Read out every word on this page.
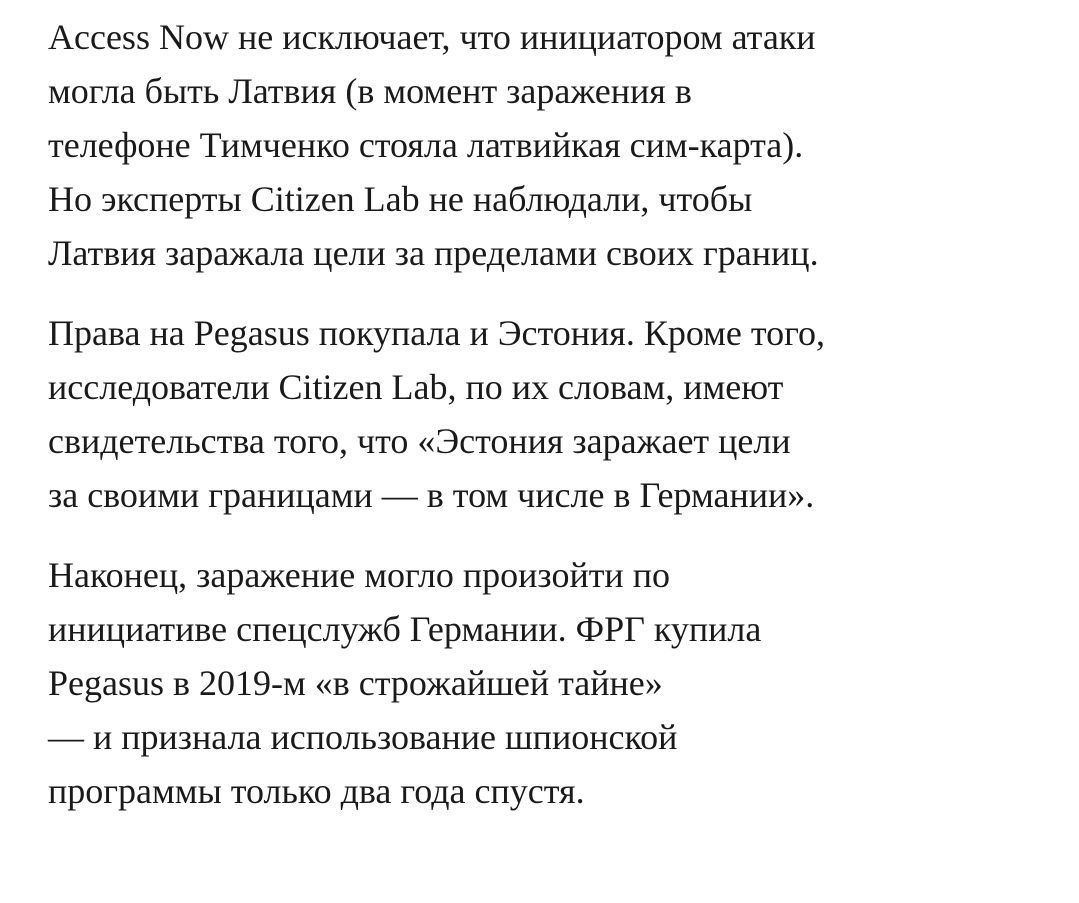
Access Now не исключает, что инициатором атаки
могла быть Латвия (в момент заражения в
телефоне Тимченко стояла латвийкая сим-карта).
Но эксперты Citizen Lab не наблюдали, чтобы
Латвия заражала цели за пределами своих границ.

Права на Pegasus покупала и Эстония. Кроме того,
исследователи Citizen Lab, по их словам, имеют
свидетельства того, что «Эстония заражает цели
за своими границами — в том числе в Германии».

Наконец, заражение могло произойти по
инициативе спецслужб Германии. ФРГ купила
Pegasus в 2019-м «в строжайшей тайне»
— и признала использование шпионской
программы только два года спустя.
